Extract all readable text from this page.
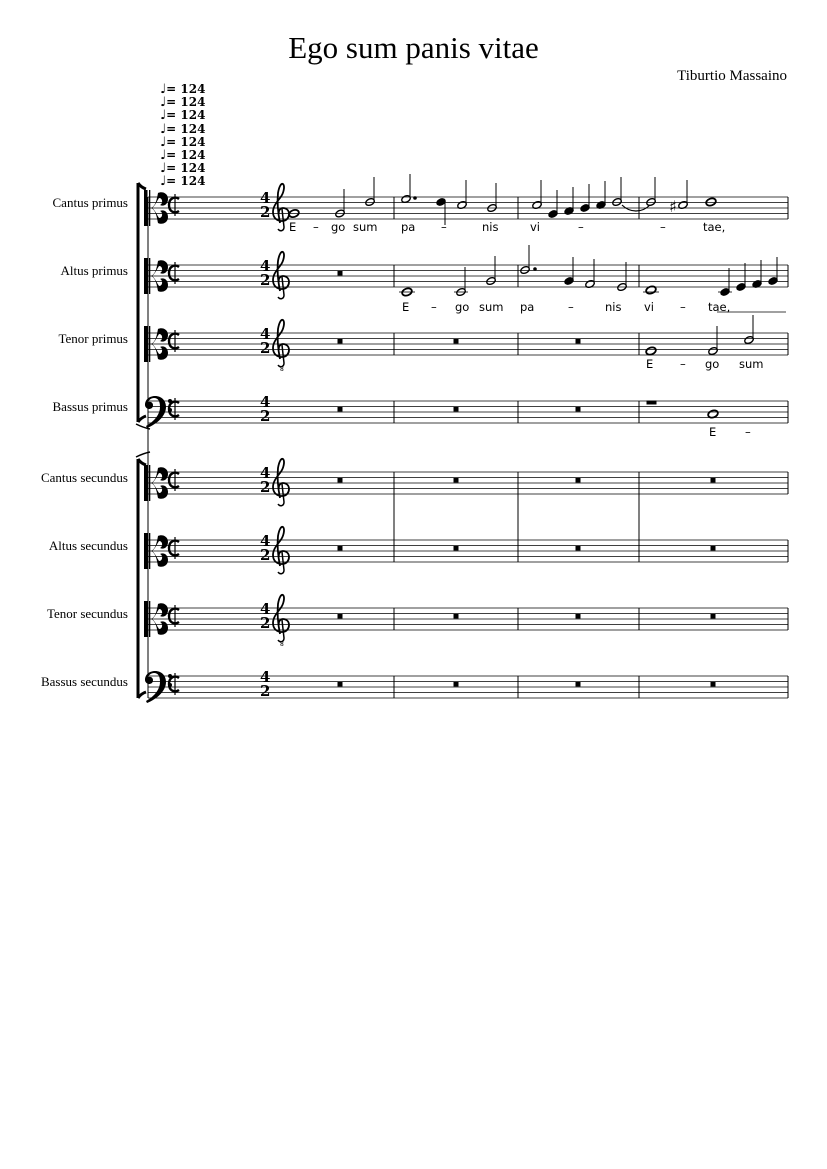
Ego sum panis vitae
Tiburtio Massaino
♩= 124
♩= 124
♩= 124
♩= 124
♩= 124
♩= 124
♩= 124
♩= 124
Cantus primus
Altus primus
Tenor primus
Bassus primus
Cantus secundus
Altus secundus
Tenor secundus
Bassus secundus
8
4
2
4
2
4
2
4
2
4
2
4
2
4
2
4
2
♯
E – go sum pa –	nis	vi	–	–	tae,
E – go sum pa	–	nis vi – tae,
E – go sum
E –
